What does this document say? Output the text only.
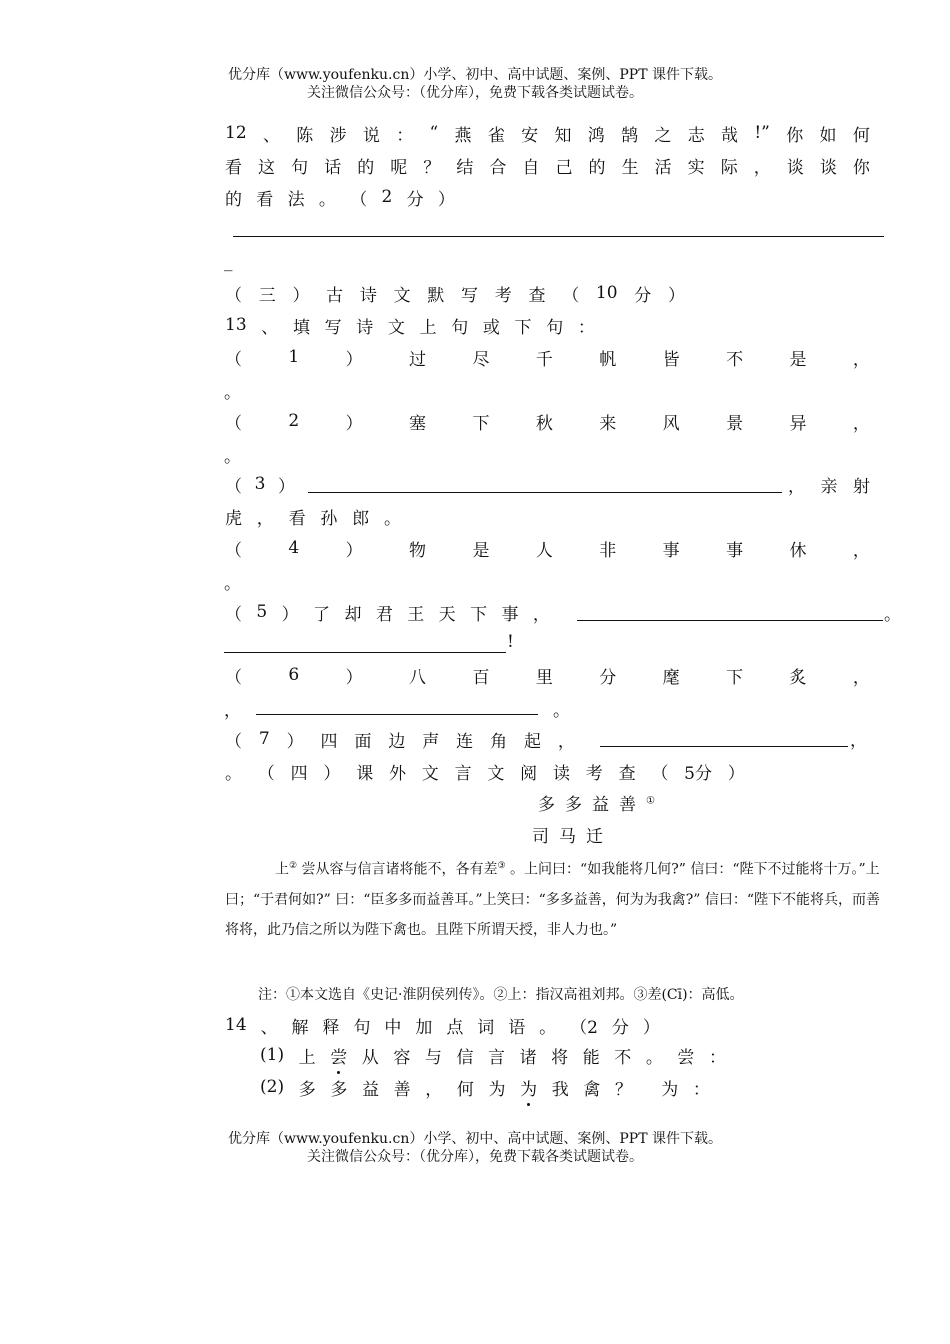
优分库（www.youfenku.cn）小学、初中、高中试题、案例、PPT 课件下载。
关注微信公众号：（优分库），免费下载各类试题试卷。
12 、 陈 涉 说 ： “ 燕 雀 安 知 鸿 鹄 之 志 哉 !” 你 如 何
看 这 句 话 的 呢 ？ 结 合 自 己 的 生 活 实 际 ， 谈 谈 你
的 看 法 。 （ 2 分 ）
_
（ 三 ） 古 诗 文 默 写 考 查 （ 10 分 ）
13 、 填 写 诗 文 上 句 或 下 句 ：
（	1	）	过	尽	千	帆	皆	不	是	，
。
（	2	）	塞	下	秋	来	风	景	异	，
。
（ 3 ）	， 亲 射
虎 ， 看 孙 郎 。
（	4	）	物	是	人	非	事	事	休	，
。
（ 5 ） 了 却 君 王 天 下 事 ，	。
!
（	6	）	八	百	里	分	麾	下	炙	，
，	。
（ 7 ） 四 面 边 声 连 角 起 ，	，
。 （ 四 ） 课 外 文 言 文 阅 读 考 查 （ 5分 ）
多多益善①
司马迁

上② 尝从容与信言诸将能不，各有差③ 。上问曰：“如我能将几何?” 信曰：“陛下不过能将十万。”上曰；“于君何如?” 曰：“臣多多而益善耳。”上笑曰：“多多益善，何为为我禽?” 信曰：“陛下不能将兵，而善将将，此乃信之所以为陛下禽也。且陛下所谓天授，非人力也。”

注：①本文选自《史记·淮阴侯列传》。②上：指汉高祖刘邦。③差(Cī)：高低。
14 、 解 释 句 中 加 点 词 语 。 （2 分 ）
(1) 上 尝 从 容 与 信 言 诸 将 能 不 。 尝 ：
(2) 多 多 益 善 ， 何 为 为 我 禽 ？ 为 ：
优分库（www.youfenku.cn）小学、初中、高中试题、案例、PPT 课件下载。
关注微信公众号：（优分库），免费下载各类试题试卷。
